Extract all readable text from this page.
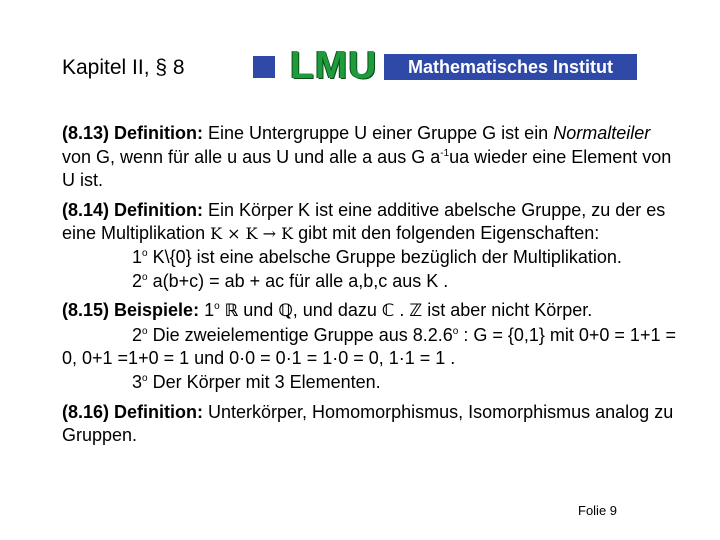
Kapitel II, § 8	LMU	Mathematisches Institut

(8.13) Definition: Eine Untergruppe U einer Gruppe G ist ein Normalteiler von G, wenn für alle u aus U und alle a aus G $a^{-1}ua$ wieder eine Element von U ist.

(8.14) Definition: Ein Körper K ist eine additive abelsche Gruppe, zu der es eine Multiplikation K × K → K gibt mit den folgenden Eigenschaften:
1$^o$ K\{0} ist eine abelsche Gruppe bezüglich der Multiplikation.
2$^o$ a(b+c) = ab + ac für alle a,b,c aus K .

(8.15) Beispiele: 1$^o$ ℝ und ℚ, und dazu ℂ . ℤ ist aber nicht Körper.
2$^o$ Die zweielementige Gruppe aus 8.2.6$^o$ : G = {0,1} mit 0+0 = 1+1 = 0, 0+1 =1+0 = 1 und 0·0 = 0·1 = 1·0 = 0, 1·1 = 1 .
3$^o$ Der Körper mit 3 Elementen.

(8.16) Definition: Unterkörper, Homomorphismus, Isomorphismus analog zu Gruppen.

Folie 9
